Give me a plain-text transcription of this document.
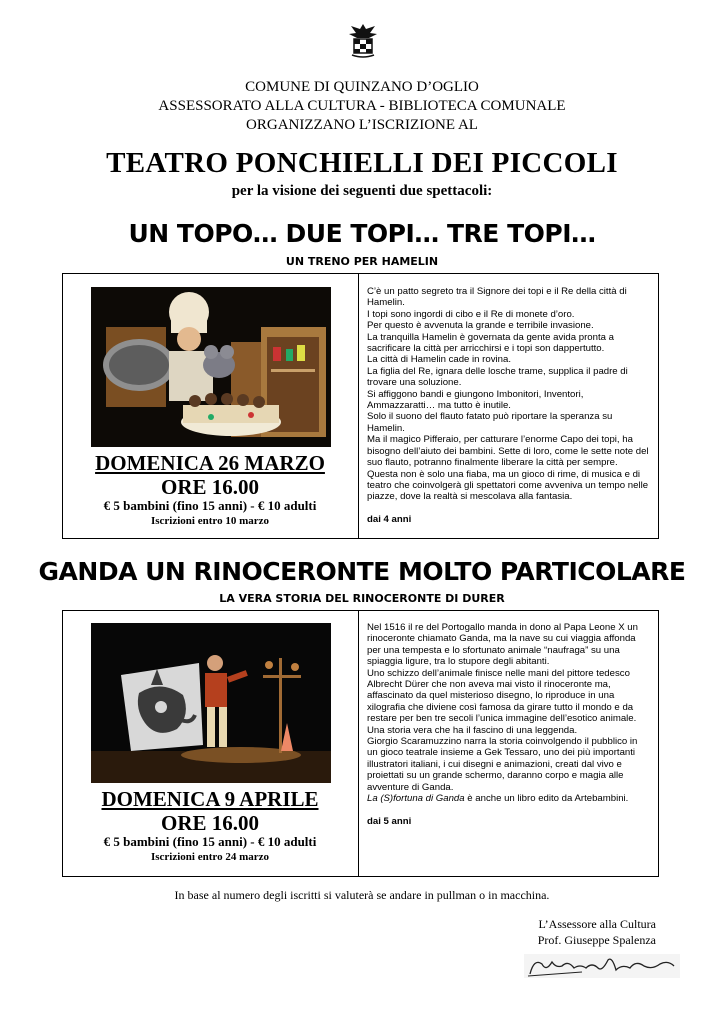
COMUNE DI QUINZANO D’OGLIO
ASSESSORATO ALLA CULTURA - BIBLIOTECA COMUNALE
ORGANIZZANO L’ISCRIZIONE AL
TEATRO PONCHIELLI DEI PICCOLI
per la visione dei seguenti due spettacoli:
UN TOPO… DUE TOPI… TRE TOPI…
UN TRENO PER HAMELIN
DOMENICA 26 MARZO
ORE 16.00
€ 5 bambini (fino 15 anni) - € 10 adulti
Iscrizioni entro 10 marzo

C’è un patto segreto tra il Signore dei topi e il Re della città di Hamelin.

I topi sono ingordi di cibo e il Re di monete d’oro.

Per questo è avvenuta la grande e terribile invasione.

La tranquilla Hamelin è governata da gente avida pronta a sacrificare la città per arricchirsi e i topi son dappertutto.

La città di Hamelin cade in rovina.

La figlia del Re, ignara delle losche trame, supplica il padre di trovare una soluzione.

Si affiggono bandi e giungono Imbonitori, Inventori, Ammazzaratti… ma tutto è inutile.

Solo il suono del flauto fatato può riportare la speranza su Hamelin.

Ma il magico Pifferaio, per catturare l’enorme Capo dei topi, ha bisogno dell’aiuto dei bambini. Sette di loro, come le sette note del suo flauto, potranno finalmente liberare la città per sempre.

Questa non è solo una fiaba, ma un gioco di rime, di musica e di teatro che coinvolgerà gli spettatori come avveniva un tempo nelle piazze, dove la realtà si mescolava alla fantasia.

dai 4 anni

GANDA UN RINOCERONTE MOLTO PARTICOLARE
LA VERA STORIA DEL RINOCERONTE DI DURER
DOMENICA 9 APRILE
ORE 16.00
€ 5 bambini (fino 15 anni) - € 10 adulti
Iscrizioni entro 24 marzo

Nel 1516 il re del Portogallo manda in dono al Papa Leone X un rinoceronte chiamato Ganda, ma la nave su cui viaggia affonda per una tempesta e lo sfortunato animale “naufraga” su una spiaggia ligure, tra lo stupore degli abitanti.

Uno schizzo dell’animale finisce nelle mani del pittore tedesco Albrecht Dürer che non aveva mai visto il rinoceronte ma, affascinato da quel misterioso disegno, lo riproduce in una xilografia che diviene così famosa da girare tutto il mondo e da restare per ben tre secoli l’unica immagine dell’esotico animale. Una storia vera che ha il fascino di una leggenda.

Giorgio Scaramuzzino narra la storia coinvolgendo il pubblico in un gioco teatrale insieme a Gek Tessaro, uno dei più importanti illustratori italiani, i cui disegni e animazioni, creati dal vivo e proiettati su un grande schermo, daranno corpo e magia alle avventure di Ganda.

La (S)fortuna di Ganda è anche un libro edito da Artebambini.

dai 5 anni

In base al numero degli iscritti si valuterà se andare in pullman o in macchina.
L’Assessore alla Cultura
Prof. Giuseppe Spalenza
